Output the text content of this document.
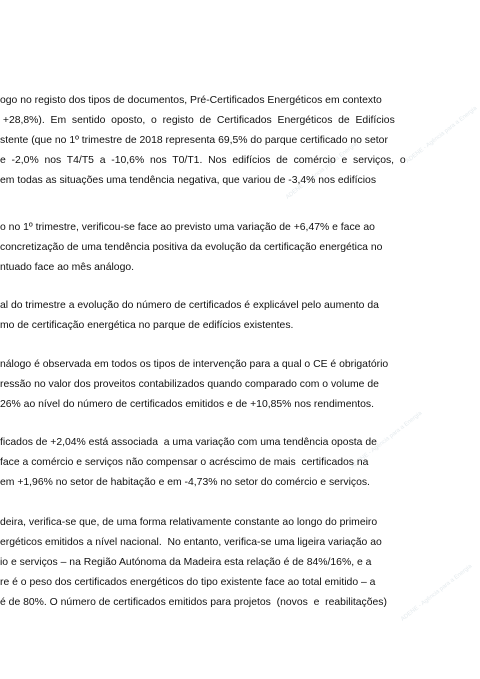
ADENE - Agência para a Energia
ADENE - Agência para a Energia
ADENE - Agência para a Energia
ADENE - Agência para a Energia
ogo no registo dos tipos de documentos, Pré-Certificados Energéticos em contexto
+28,8%).  Em  sentido  oposto,  o  registo  de  Certificados  Energéticos  de  Edifícios
stente (que no 1º trimestre de 2018 representa 69,5% do parque certificado no setor
e  -2,0%  nos  T4/T5  a  -10,6%  nos  T0/T1.  Nos  edifícios  de  comércio  e  serviços,  o
em todas as situações uma tendência negativa, que variou de -3,4% nos edifícios
o no 1º trimestre, verificou-se face ao previsto uma variação de +6,47% e face ao
concretização de uma tendência positiva da evolução da certificação energética no
ntuado face ao mês análogo.
al do trimestre a evolução do número de certificados é explicável pelo aumento da
mo de certificação energética no parque de edifícios existentes.
nálogo é observada em todos os tipos de intervenção para a qual o CE é obrigatório
ressão no valor dos proveitos contabilizados quando comparado com o volume de
26% ao nível do número de certificados emitidos e de +10,85% nos rendimentos.
ficados de +2,04% está associada  a uma variação com uma tendência oposta de
face a comércio e serviços não compensar o acréscimo de mais  certificados na
em +1,96% no setor de habitação e em -4,73% no setor do comércio e serviços.
deira, verifica-se que, de uma forma relativamente constante ao longo do primeiro
ergéticos emitidos a nível nacional.  No entanto, verifica-se uma ligeira variação ao
io e serviços – na Região Autónoma da Madeira esta relação é de 84%/16%, e a
re é o peso dos certificados energéticos do tipo existente face ao total emitido – a
é de 80%. O número de certificados emitidos para projetos  (novos  e  reabilitações)
